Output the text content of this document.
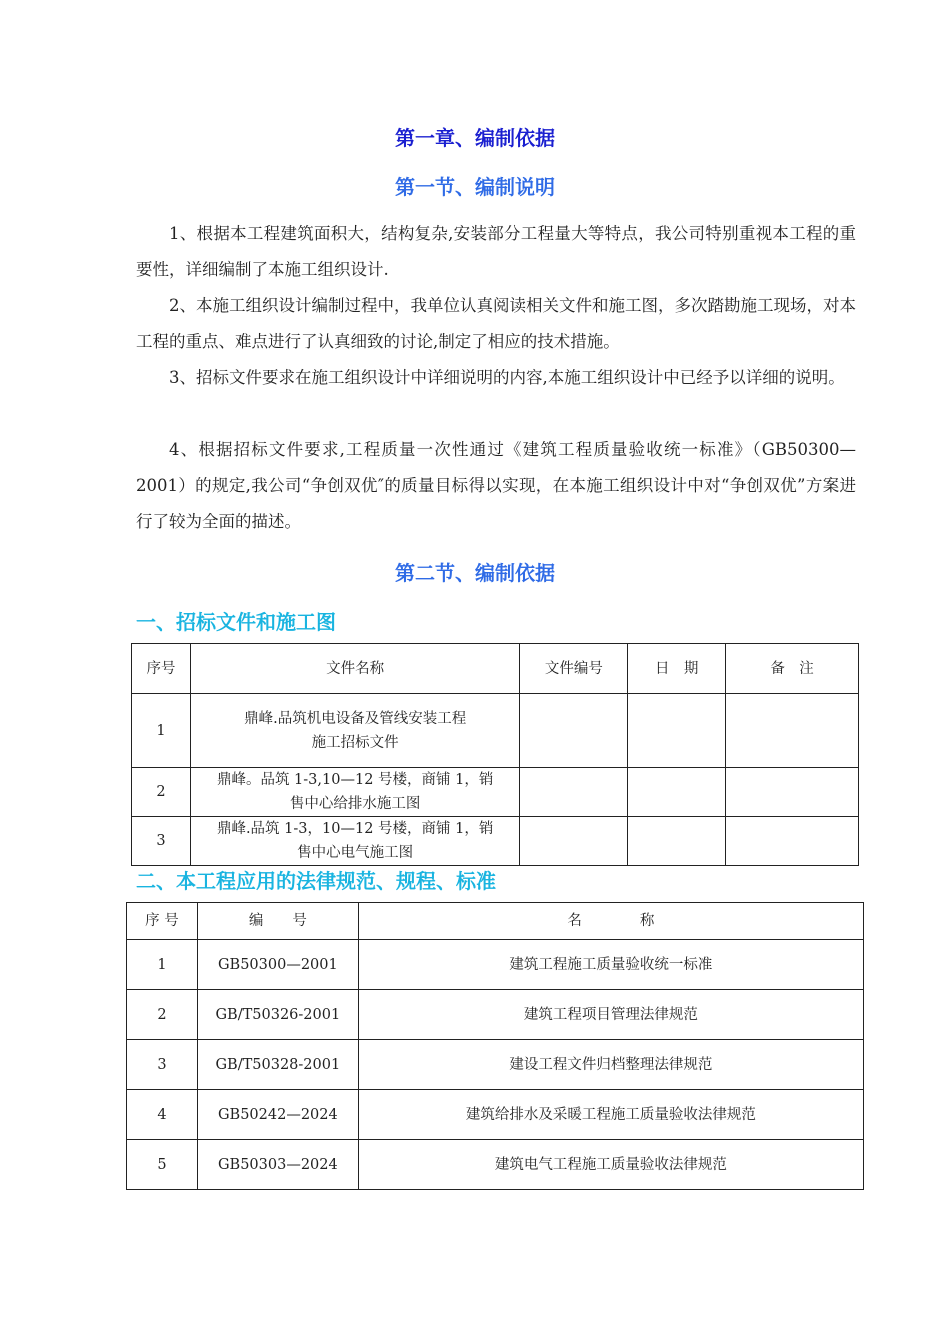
第一章、编制依据
第一节、编制说明

1、根据本工程建筑面积大，结构复杂,安装部分工程量大等特点，我公司特别重视本工程的重要性，详细编制了本施工组织设计.

2、本施工组织设计编制过程中，我单位认真阅读相关文件和施工图，多次踏勘施工现场，对本工程的重点、难点进行了认真细致的讨论,制定了相应的技术措施。

3、招标文件要求在施工组织设计中详细说明的内容,本施工组织设计中已经予以详细的说明。

4、根据招标文件要求,工程质量一次性通过《建筑工程质量验收统一标准》（GB50300—2001）的规定,我公司“争创双优″的质量目标得以实现，在本施工组织设计中对“争创双优”方案进行了较为全面的描述。

第二节、编制依据
一、招标文件和施工图
序号	文件名称	文件编号	日　期	备　注
1	鼎峰.品筑机电设备及管线安装工程
施工招标文件			

2	鼎峰。品筑 1-3,10—12 号楼，商铺 1，销
售中心给排水施工图			

3	鼎峰.品筑 1-3，10—12 号楼，商铺 1，销
售中心电气施工图			

二、本工程应用的法律规范、规程、标准
序 号	编　　号	名　　　　称
1	GB50300—2001	建筑工程施工质量验收统一标准
2	GB/T50326-2001	建筑工程项目管理法律规范
3	GB/T50328-2001	建设工程文件归档整理法律规范
4	GB50242—2024	建筑给排水及采暖工程施工质量验收法律规范
5	GB50303—2024	建筑电气工程施工质量验收法律规范
